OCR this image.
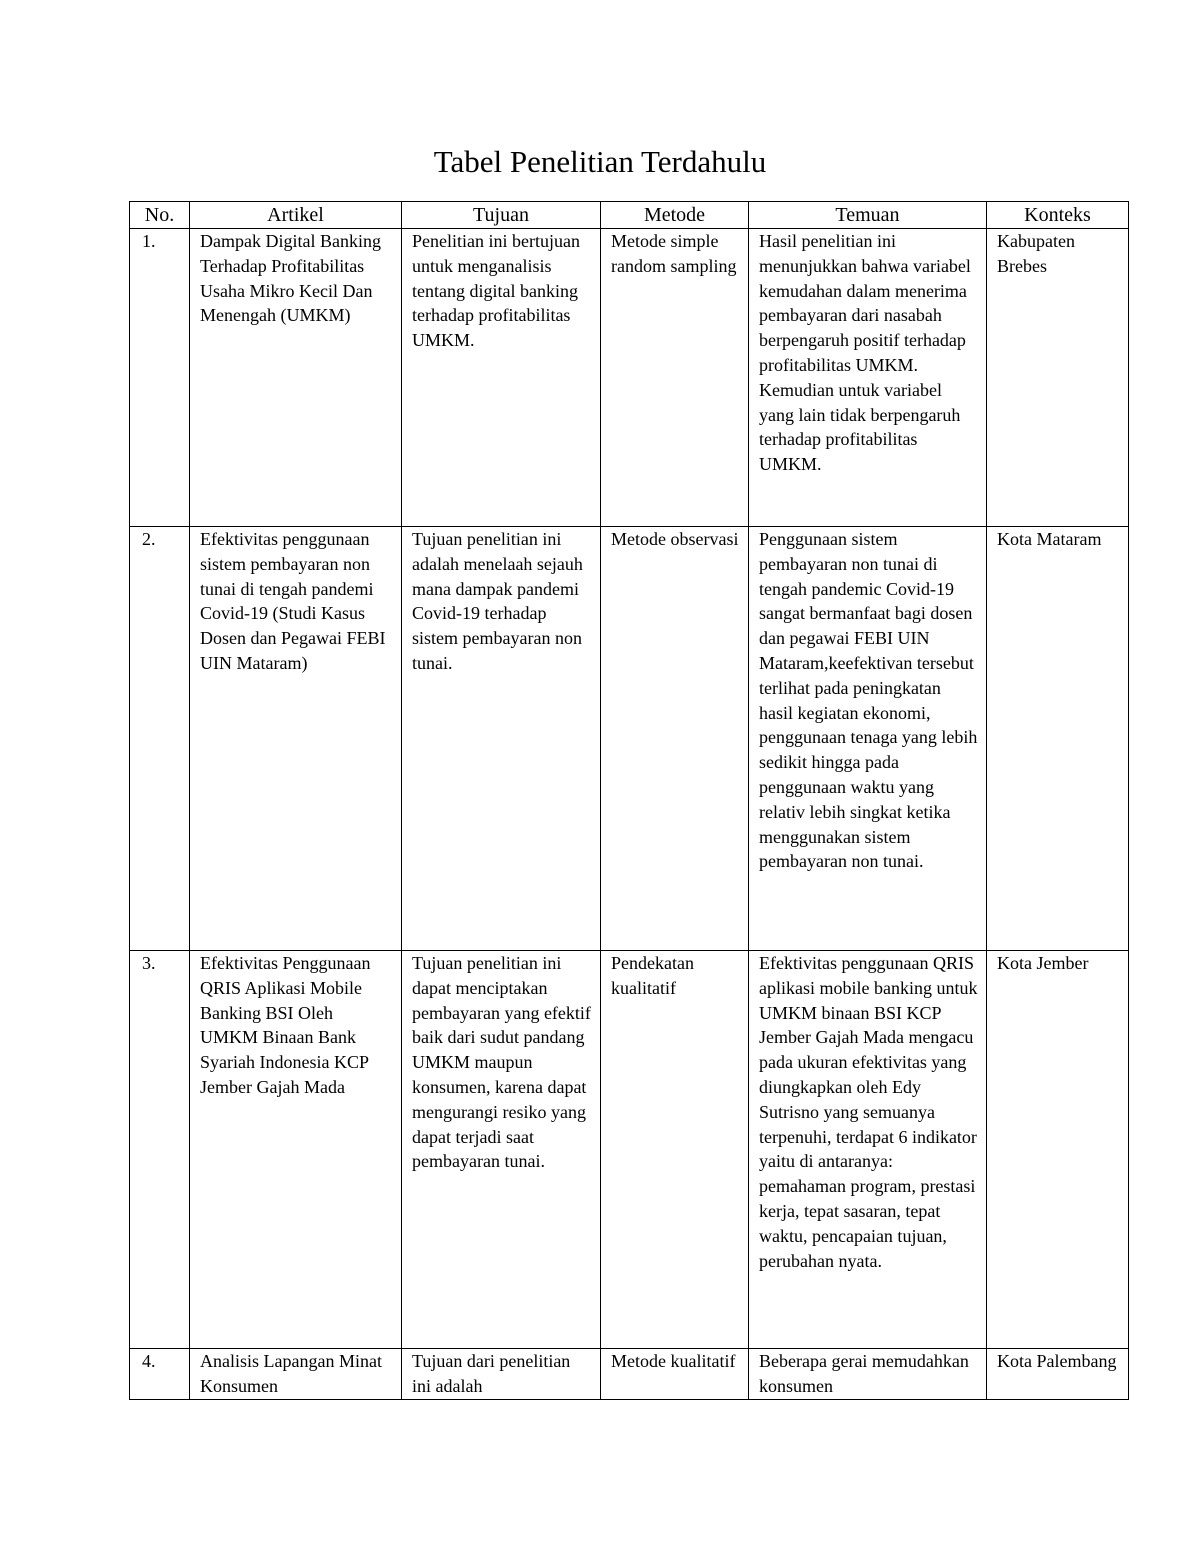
Tabel Penelitian Terdahulu
No.	Artikel	Tujuan	Metode	Temuan	Konteks
1.	Dampak Digital Banking Terhadap Profitabilitas Usaha Mikro Kecil Dan Menengah (UMKM)	Penelitian ini bertujuan untuk menganalisis tentang digital banking terhadap profitabilitas UMKM.	Metode simple random sampling	Hasil penelitian ini menunjukkan bahwa variabel kemudahan dalam menerima pembayaran dari nasabah berpengaruh positif terhadap profitabilitas UMKM. Kemudian untuk variabel yang lain tidak berpengaruh terhadap profitabilitas UMKM.	Kabupaten Brebes
2.	Efektivitas penggunaan sistem pembayaran non tunai di tengah pandemi Covid-19 (Studi Kasus Dosen dan Pegawai FEBI UIN Mataram)	Tujuan penelitian ini adalah menelaah sejauh mana dampak pandemi Covid-19 terhadap sistem pembayaran non tunai.	Metode observasi	Penggunaan sistem pembayaran non tunai di tengah pandemic Covid-19 sangat bermanfaat bagi dosen dan pegawai FEBI UIN Mataram,keefektivan tersebut terlihat pada peningkatan hasil kegiatan ekonomi, penggunaan tenaga yang lebih sedikit hingga pada penggunaan waktu yang relativ lebih singkat ketika menggunakan sistem pembayaran non tunai.	Kota Mataram
3.	Efektivitas Penggunaan QRIS Aplikasi Mobile Banking BSI Oleh UMKM Binaan Bank Syariah Indonesia KCP Jember Gajah Mada	Tujuan penelitian ini dapat menciptakan pembayaran yang efektif baik dari sudut pandang UMKM maupun konsumen, karena dapat mengurangi resiko yang dapat terjadi saat pembayaran tunai.	Pendekatan kualitatif	Efektivitas penggunaan QRIS aplikasi mobile banking untuk UMKM binaan BSI KCP Jember Gajah Mada mengacu pada ukuran efektivitas yang diungkapkan oleh Edy Sutrisno yang semuanya terpenuhi, terdapat 6 indikator yaitu di antaranya: pemahaman program, prestasi kerja, tepat sasaran, tepat waktu, pencapaian tujuan, perubahan nyata.	Kota Jember
4.	Analisis Lapangan Minat Konsumen	Tujuan dari penelitian ini adalah	Metode kualitatif	Beberapa gerai memudahkan konsumen	Kota Palembang
